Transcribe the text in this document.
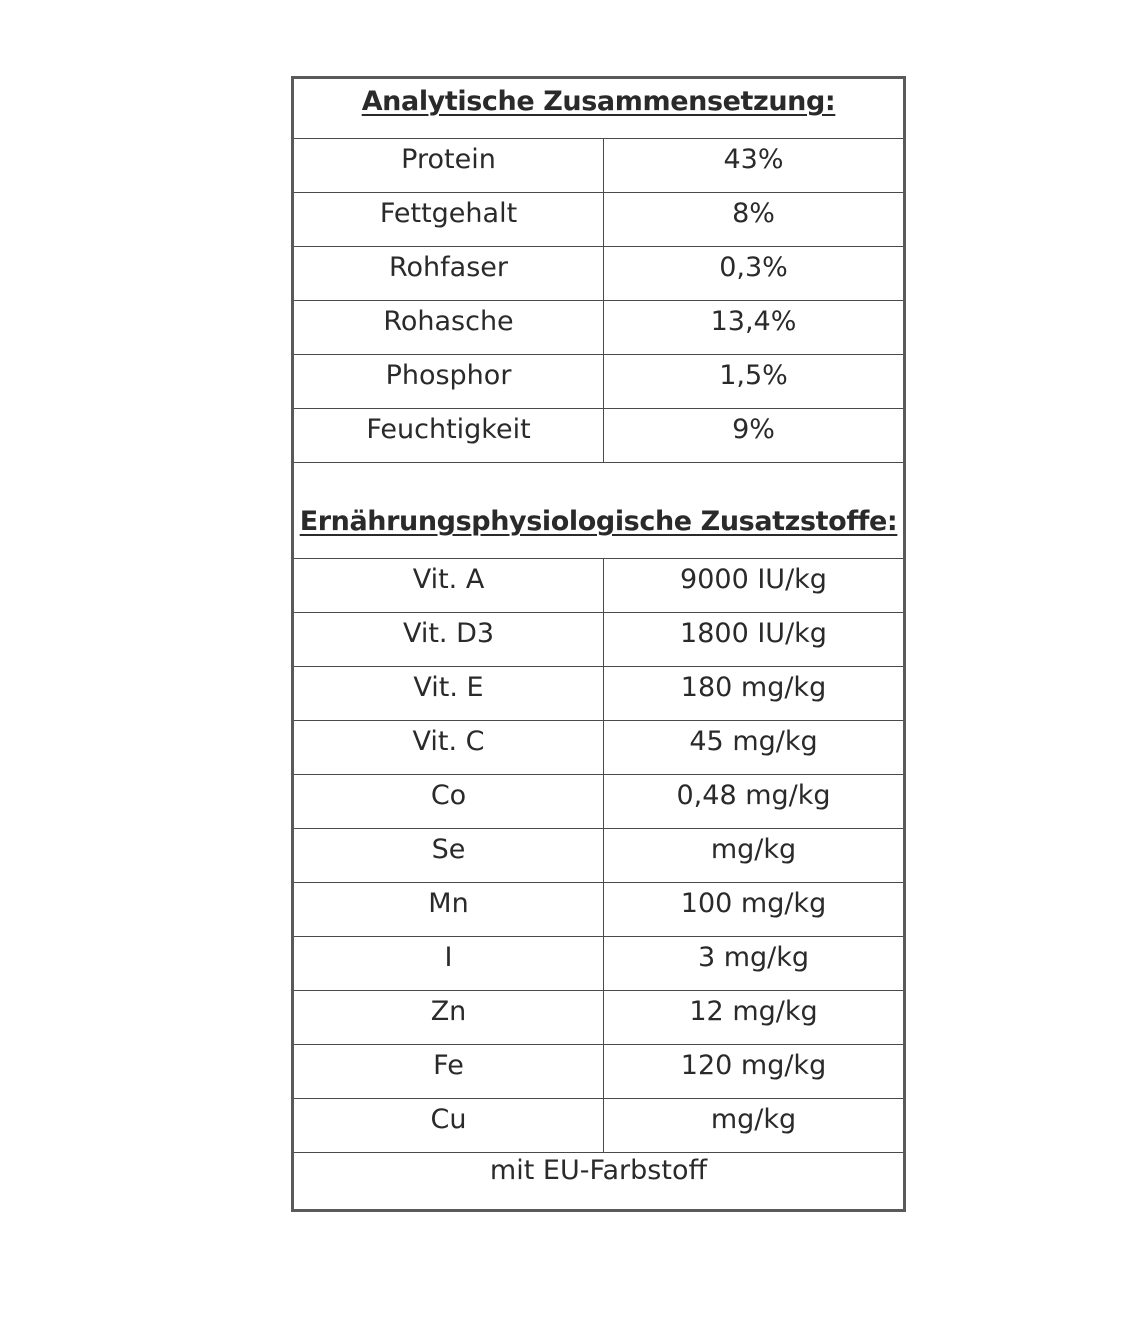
Analytische Zusammensetzung:	
Protein	43%
Fettgehalt	8%
Rohfaser	0,3%
Rohasche	13,4%
Phosphor	1,5%
Feuchtigkeit	9%
Ernährungsphysiologische Zusatzstoffe:	
Vit. A	9000 IU/kg
Vit. D3	1800 IU/kg
Vit. E	180 mg/kg
Vit. C	45 mg/kg
Co	0,48 mg/kg
Se	mg/kg
Mn	100 mg/kg
I	3 mg/kg
Zn	12 mg/kg
Fe	120 mg/kg
Cu	mg/kg
mit EU-Farbstoff	
